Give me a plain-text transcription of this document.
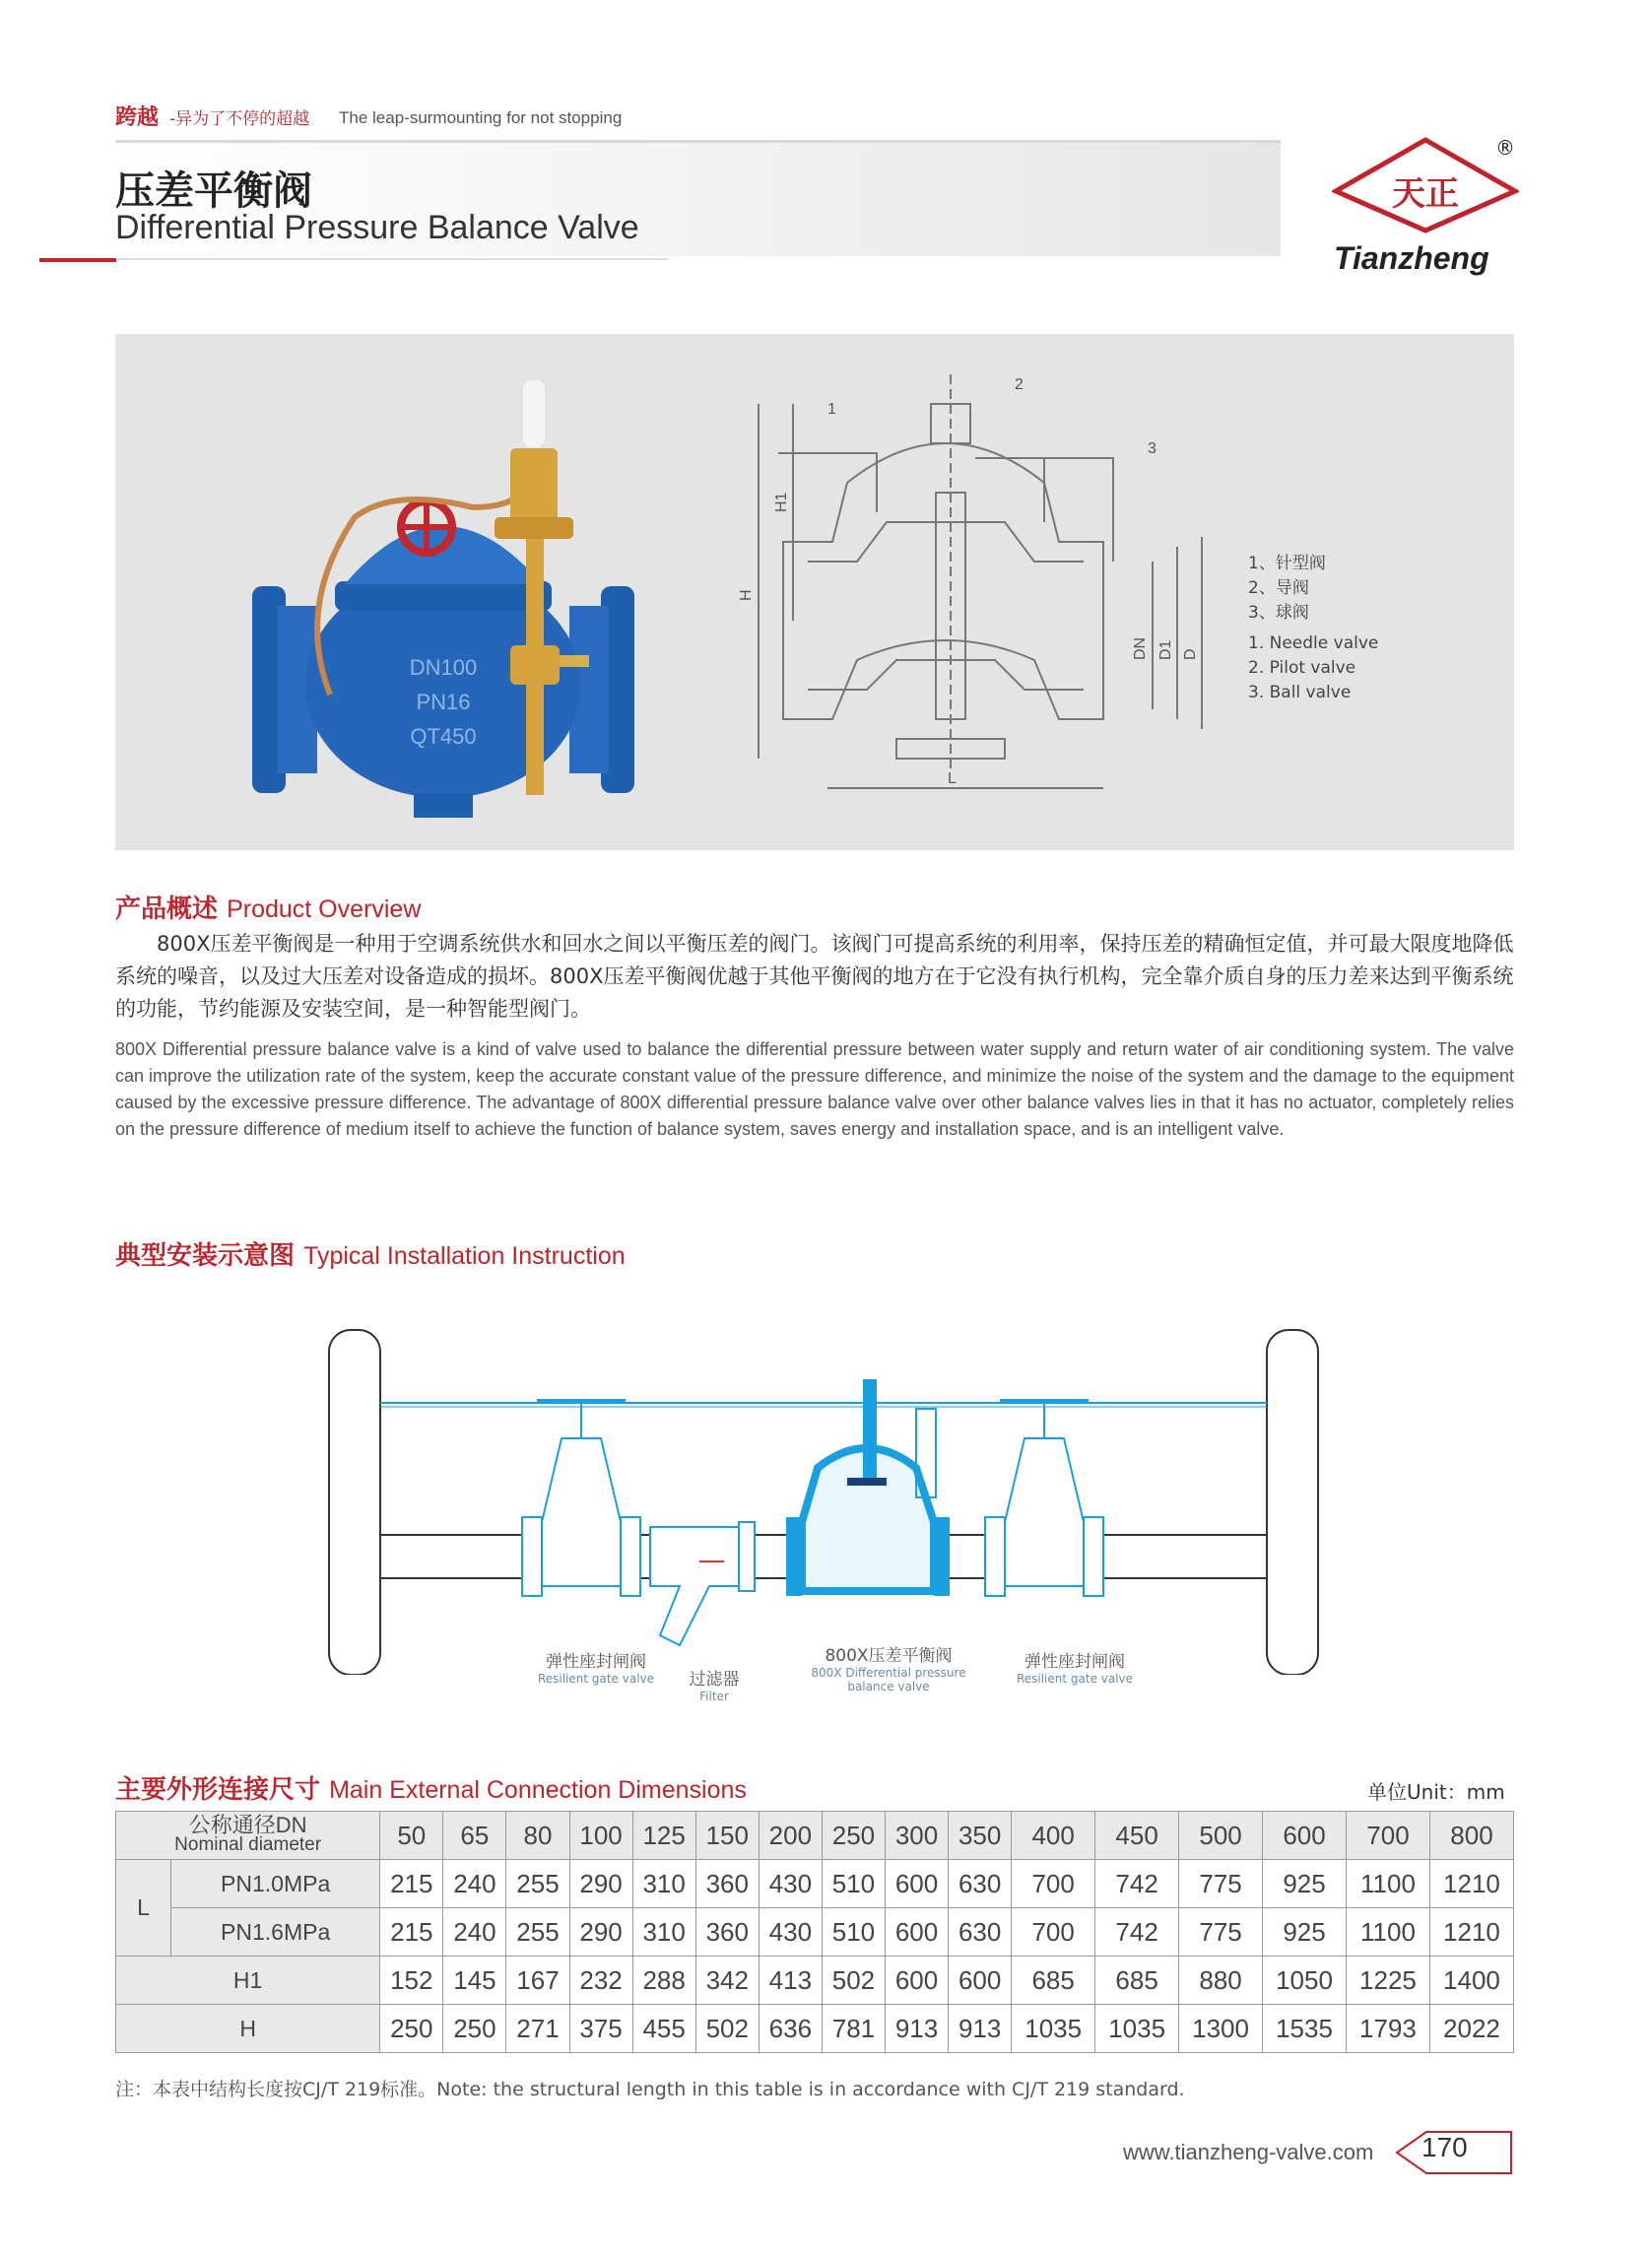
跨越 -异为了不停的超越 The leap-surmounting for not stopping
压差平衡阀
Differential Pressure Balance Valve
天正
®
Tianzheng
DN100
PN16
QT450
H
H1
L
DN D1 D
1
2
3
1、针型阀
2、导阀
3、球阀
1. Needle valve
2. Pilot valve
3. Ball valve
产品概述 Product Overview
800X压差平衡阀是一种用于空调系统供水和回水之间以平衡压差的阀门。该阀门可提高系统的利用率，保持压差的精确恒定值，并可最大限度地降低系统的噪音，以及过大压差对设备造成的损坏。800X压差平衡阀优越于其他平衡阀的地方在于它没有执行机构，完全靠介质自身的压力差来达到平衡系统的功能，节约能源及安装空间，是一种智能型阀门。
800X Differential pressure balance valve is a kind of valve used to balance the differential pressure between water supply and return water of air conditioning system. The valve can improve the utilization rate of the system, keep the accurate constant value of the pressure difference, and minimize the noise of the system and the damage to the equipment caused by the excessive pressure difference. The advantage of 800X differential pressure balance valve over other balance valves lies in that it has no actuator, completely relies on the pressure difference of medium itself to achieve the function of balance system, saves energy and installation space, and is an intelligent valve.
典型安装示意图 Typical Installation Instruction
弹性座封闸阀
Resilient gate valve	过滤器
Filter
800X压差平衡阀
800X Differential pressure balance valve
弹性座封闸阀
Resilient gate valve
主要外形连接尺寸 Main External Connection Dimensions	单位Unit：mm
公称通径DN
Nominal diameter		50	65	80	100	125	150	200	250	300	350	400	450	500	600	700	800
L	PN1.0MPa	215	240	255	290	310	360	430	510	600	630	700	742	775	925	1100	1210
	PN1.6MPa	215	240	255	290	310	360	430	510	600	630	700	742	775	925	1100	1210
H1		152	145	167	232	288	342	413	502	600	600	685	685	880	1050	1225	1400
H		250	250	271	375	455	502	636	781	913	913	1035	1035	1300	1535	1793	2022
注：本表中结构长度按CJ/T 219标准。Note: the structural length in this table is in accordance with CJ/T 219 standard.
www.tianzheng-valve.com 170
